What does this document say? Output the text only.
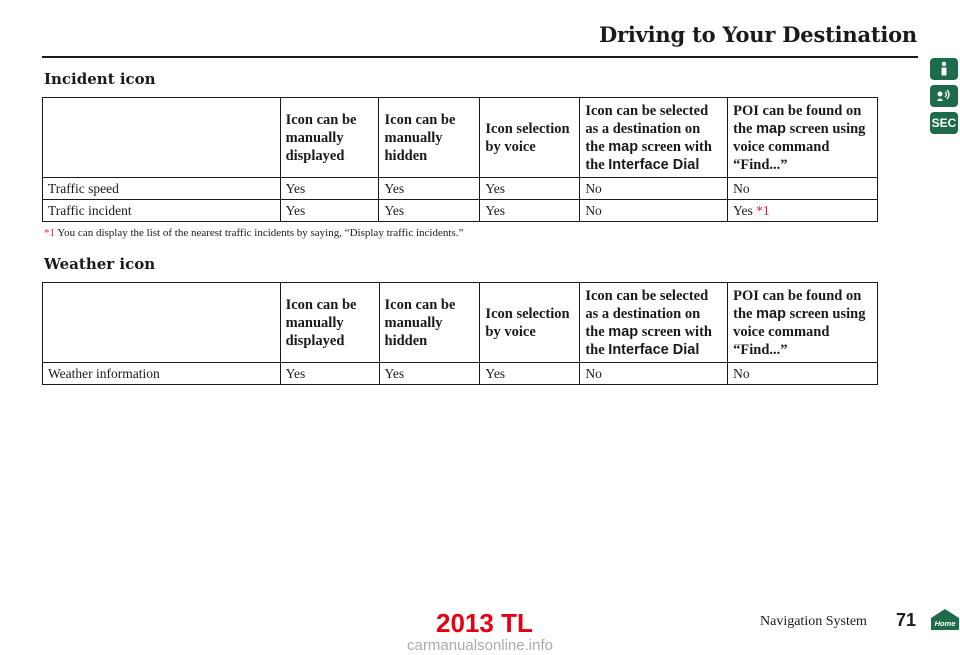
Driving to Your Destination
SEC
Incident icon
	Icon can be manually displayed	Icon can be manually hidden	Icon selection by voice	Icon can be selected as a destination on the map screen with the Interface Dial	POI can be found on the map screen using voice command “Find...”
Traffic speed	Yes	Yes	Yes	No	No
Traffic incident	Yes	Yes	Yes	No	Yes *1
*1 You can display the list of the nearest traffic incidents by saying, “Display traffic incidents.”
Weather icon
	Icon can be manually displayed	Icon can be manually hidden	Icon selection by voice	Icon can be selected as a destination on the map screen with the Interface Dial	POI can be found on the map screen using voice command “Find...”
Weather information	Yes	Yes	Yes	No	No
2013 TL	Navigation System 71 Home
carmanualsonline.info
